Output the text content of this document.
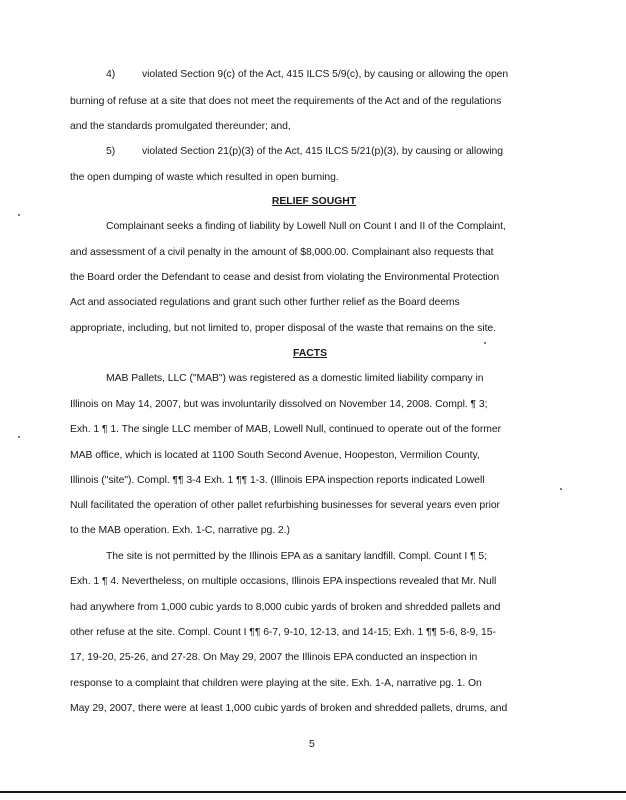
4)	violated Section 9(c) of the Act, 415 ILCS 5/9(c), by causing or allowing the open
burning of refuse at a site that does not meet the requirements of the Act and of the regulations
and the standards promulgated thereunder; and,
5)	violated Section 21(p)(3) of the Act, 415 ILCS 5/21(p)(3), by causing or allowing
the open dumping of waste which resulted in open burning.
RELIEF SOUGHT
Complainant seeks a finding of liability by Lowell Null on Count I and II of the Complaint,
and assessment of a civil penalty in the amount of $8,000.00. Complainant also requests that
the Board order the Defendant to cease and desist from violating the Environmental Protection
Act and associated regulations and grant such other further relief as the Board deems
appropriate, including, but not limited to, proper disposal of the waste that remains on the site.
FACTS
MAB Pallets, LLC ("MAB") was registered as a domestic limited liability company in
Illinois on May 14, 2007, but was involuntarily dissolved on November 14, 2008. Compl. ¶ 3;
Exh. 1 ¶ 1. The single LLC member of MAB, Lowell Null, continued to operate out of the former
MAB office, which is located at 1100 South Second Avenue, Hoopeston, Vermilion County,
Illinois ("site"). Compl. ¶¶ 3-4 Exh. 1 ¶¶ 1-3. (Illinois EPA inspection reports indicated Lowell
Null facilitated the operation of other pallet refurbishing businesses for several years even prior
to the MAB operation. Exh. 1-C, narrative pg. 2.)
The site is not permitted by the Illinois EPA as a sanitary landfill. Compl. Count I ¶ 5;
Exh. 1 ¶ 4. Nevertheless, on multiple occasions, Illinois EPA inspections revealed that Mr. Null
had anywhere from 1,000 cubic yards to 8,000 cubic yards of broken and shredded pallets and
other refuse at the site. Compl. Count I ¶¶ 6-7, 9-10, 12-13, and 14-15; Exh. 1 ¶¶ 5-6, 8-9, 15-
17, 19-20, 25-26, and 27-28. On May 29, 2007 the Illinois EPA conducted an inspection in
response to a complaint that children were playing at the site. Exh. 1-A, narrative pg. 1. On
May 29, 2007, there were at least 1,000 cubic yards of broken and shredded pallets, drums, and
5
